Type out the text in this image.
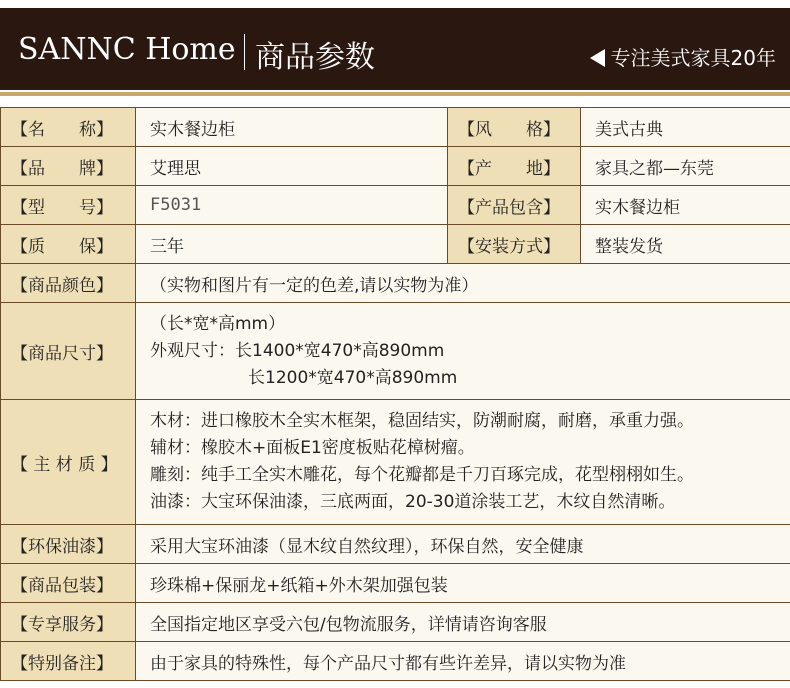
SANNC Home 商品参数	专注美式家具20年
【名　　称】	实木餐边柜	【风　　格】	美式古典
【品　　牌】	艾理思	【产　　地】	家具之都—东莞
【型　　号】	F5031	【产品包含】	实木餐边柜
【质　　保】	三年	【安装方式】	整装发货
【商品颜色】	（实物和图片有一定的色差,请以实物为准）		
【商品尺寸】	（长*宽*高mm）
外观尺寸：长1400*宽470*高890mm
长1200*宽470*高890mm		

【 主 材 质 】	木材：进口橡胶木全实木框架，稳固结实，防潮耐腐，耐磨，承重力强。
辅材：橡胶木+面板E1密度板贴花樟树瘤。
雕刻：纯手工全实木雕花，每个花瓣都是千刀百琢完成，花型栩栩如生。
油漆：大宝环保油漆，三底两面，20-30道涂装工艺，木纹自然清晰。		

【环保油漆】	采用大宝环油漆（显木纹自然纹理），环保自然，安全健康		
【商品包装】	珍珠棉+保丽龙+纸箱+外木架加强包装		
【专享服务】	全国指定地区享受六包/包物流服务，详情请咨询客服		
【特别备注】	由于家具的特殊性，每个产品尺寸都有些许差异，请以实物为准		
